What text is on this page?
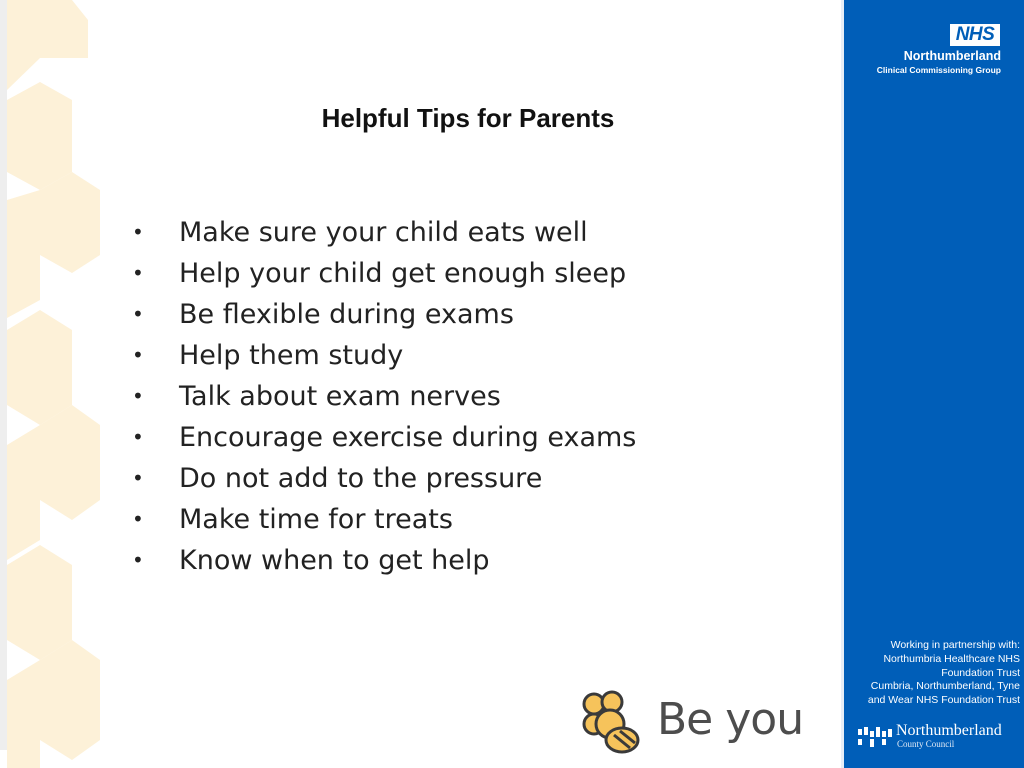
Helpful Tips for Parents
•	Make sure your child eats well
•	Help your child get enough sleep
•	Be flexible during exams
•	Help them study
•	Talk about exam nerves
•	Encourage exercise during exams
•	Do not add to the pressure
•	Make time for treats
•	Know when to get help
NHS
Northumberland
Clinical Commissioning Group
Working in partnership with:
Northumbria Healthcare NHS
Foundation Trust
Cumbria, Northumberland, Tyne
and Wear NHS Foundation Trust
Northumberland
County Council
Be you
